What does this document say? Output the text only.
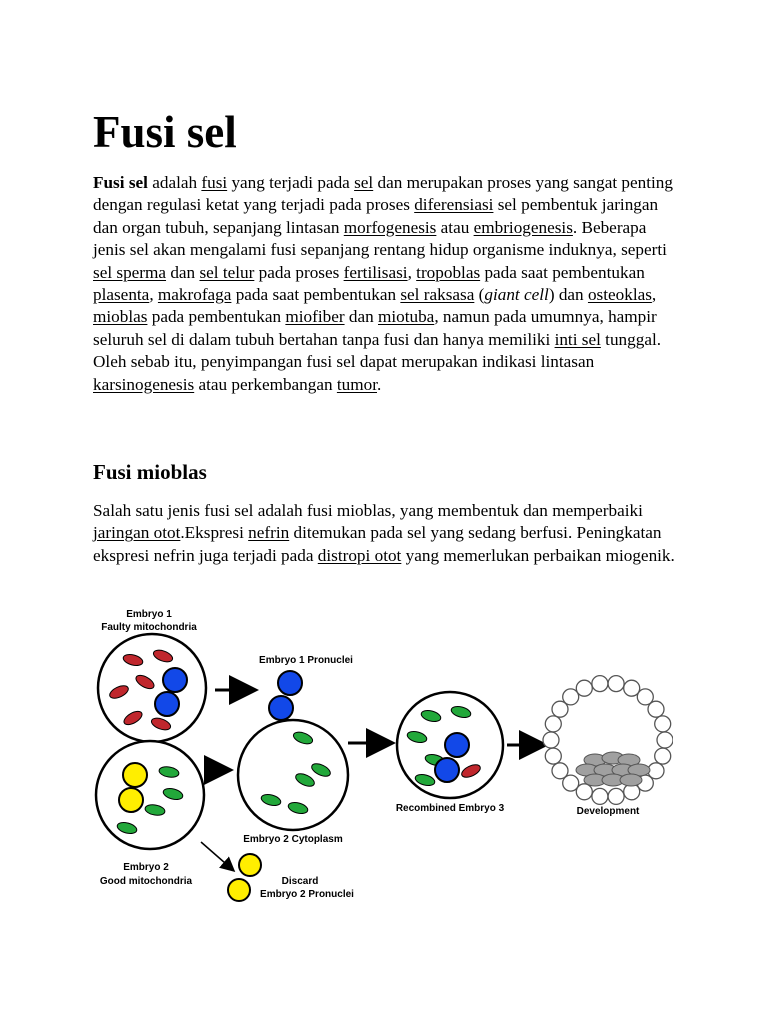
Fusi sel

Fusi sel adalah fusi yang terjadi pada sel dan merupakan proses yang sangat penting dengan regulasi ketat yang terjadi pada proses diferensiasi sel pembentuk jaringan dan organ tubuh, sepanjang lintasan morfogenesis atau embriogenesis. Beberapa jenis sel akan mengalami fusi sepanjang rentang hidup organisme induknya, seperti sel sperma dan sel telur pada proses fertilisasi, tropoblas pada saat pembentukan plasenta, makrofaga pada saat pembentukan sel raksasa (giant cell) dan osteoklas, mioblas pada pembentukan miofiber dan miotuba, namun pada umumnya, hampir seluruh sel di dalam tubuh bertahan tanpa fusi dan hanya memiliki inti sel tunggal. Oleh sebab itu, penyimpangan fusi sel dapat merupakan indikasi lintasan karsinogenesis atau perkembangan tumor.

Fusi mioblas

Salah satu jenis fusi sel adalah fusi mioblas, yang membentuk dan memperbaiki jaringan otot.Ekspresi nefrin ditemukan pada sel yang sedang berfusi. Peningkatan ekspresi nefrin juga terjadi pada distropi otot yang memerlukan perbaikan miogenik.

Embryo 1
Faulty mitochondria
Embryo 1 Pronuclei
Embryo 2 Cytoplasm
Embryo 2
Good mitochondria	Discard
Embryo 2 Pronuclei
Recombined Embryo 3	Development
